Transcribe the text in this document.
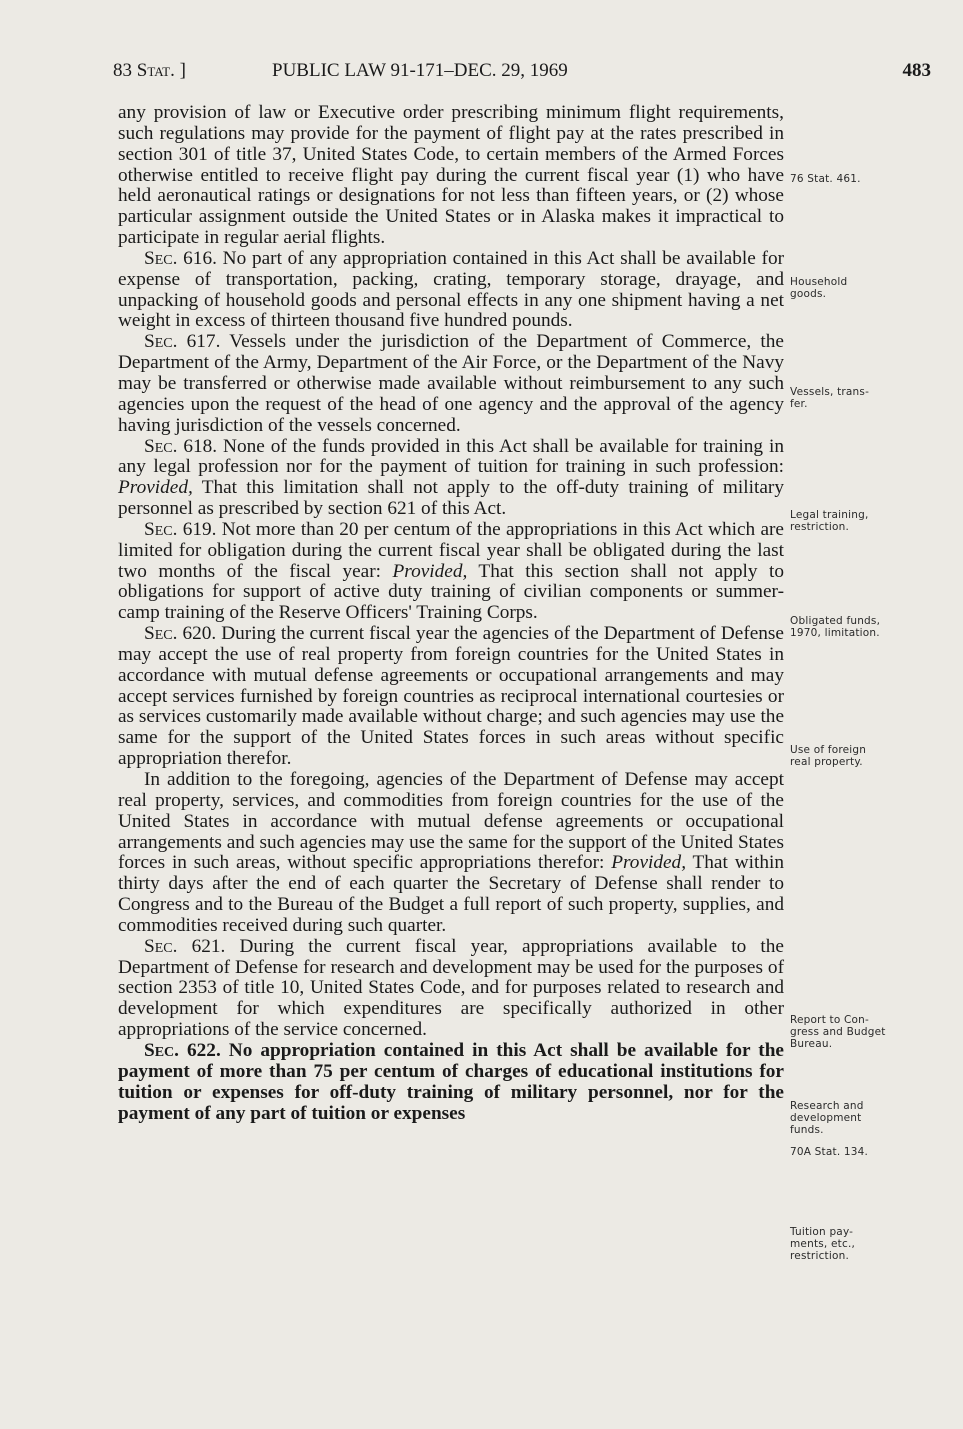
83 Stat. ]	PUBLIC LAW 91-171–DEC. 29, 1969	483

any provision of law or Executive order prescribing minimum flight requirements, such regulations may provide for the payment of flight pay at the rates prescribed in section 301 of title 37, United States Code, to certain members of the Armed Forces otherwise entitled to receive flight pay during the current fiscal year (1) who have held aeronautical ratings or designations for not less than fifteen years, or (2) whose particular assignment outside the United States or in Alaska makes it impractical to participate in regular aerial flights.

Sec. 616. No part of any appropriation contained in this Act shall be available for expense of transportation, packing, crating, temporary storage, drayage, and unpacking of household goods and personal effects in any one shipment having a net weight in excess of thirteen thousand five hundred pounds.

Sec. 617. Vessels under the jurisdiction of the Department of Commerce, the Department of the Army, Department of the Air Force, or the Department of the Navy may be transferred or otherwise made available without reimbursement to any such agencies upon the request of the head of one agency and the approval of the agency having jurisdiction of the vessels concerned.

Sec. 618. None of the funds provided in this Act shall be available for training in any legal profession nor for the payment of tuition for training in such profession: Provided, That this limitation shall not apply to the off-duty training of military personnel as prescribed by section 621 of this Act.

Sec. 619. Not more than 20 per centum of the appropriations in this Act which are limited for obligation during the current fiscal year shall be obligated during the last two months of the fiscal year: Provided, That this section shall not apply to obligations for support of active duty training of civilian components or summer-camp training of the Reserve Officers' Training Corps.

Sec. 620. During the current fiscal year the agencies of the Department of Defense may accept the use of real property from foreign countries for the United States in accordance with mutual defense agreements or occupational arrangements and may accept services furnished by foreign countries as reciprocal international courtesies or as services customarily made available without charge; and such agencies may use the same for the support of the United States forces in such areas without specific appropriation therefor.

In addition to the foregoing, agencies of the Department of Defense may accept real property, services, and commodities from foreign countries for the use of the United States in accordance with mutual defense agreements or occupational arrangements and such agencies may use the same for the support of the United States forces in such areas, without specific appropriations therefor: Provided, That within thirty days after the end of each quarter the Secretary of Defense shall render to Congress and to the Bureau of the Budget a full report of such property, supplies, and commodities received during such quarter.

Sec. 621. During the current fiscal year, appropriations available to the Department of Defense for research and development may be used for the purposes of section 2353 of title 10, United States Code, and for purposes related to research and development for which expenditures are specifically authorized in other appropriations of the service concerned.

Sec. 622. No appropriation contained in this Act shall be available for the payment of more than 75 per centum of charges of educational institutions for tuition or expenses for off-duty training of military personnel, nor for the payment of any part of tuition or expenses

76 Stat. 461.
Household
goods.
Vessels, trans-
fer.
Legal training,
restriction.
Obligated funds,
1970, limitation.
Use of foreign
real property.
Report to Con-
gress and Budget
Bureau.
Research and
development
funds.
70A Stat. 134.
Tuition pay-
ments, etc.,
restriction.
